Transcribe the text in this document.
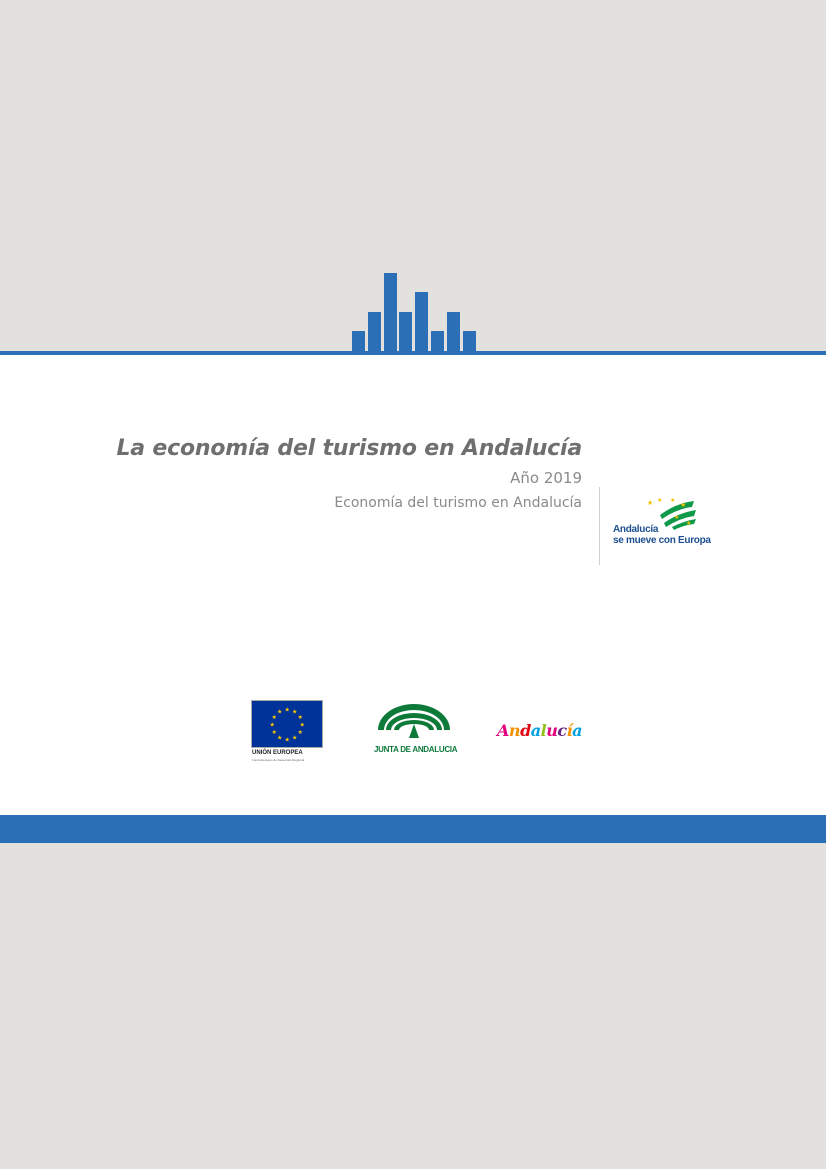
La economía del turismo en Andalucía

Año 2019

Economía del turismo en Andalucía	★ ★ ★
★
★
★
Andalucía
se mueve con Europa
★ ★
★
★
★
★
★
★
★
★
★
★
UNIÓN EUROPEA
Fondo Europeo de Desarrollo Regional
JUNTA DE ANDALUCIA
Andalucía
